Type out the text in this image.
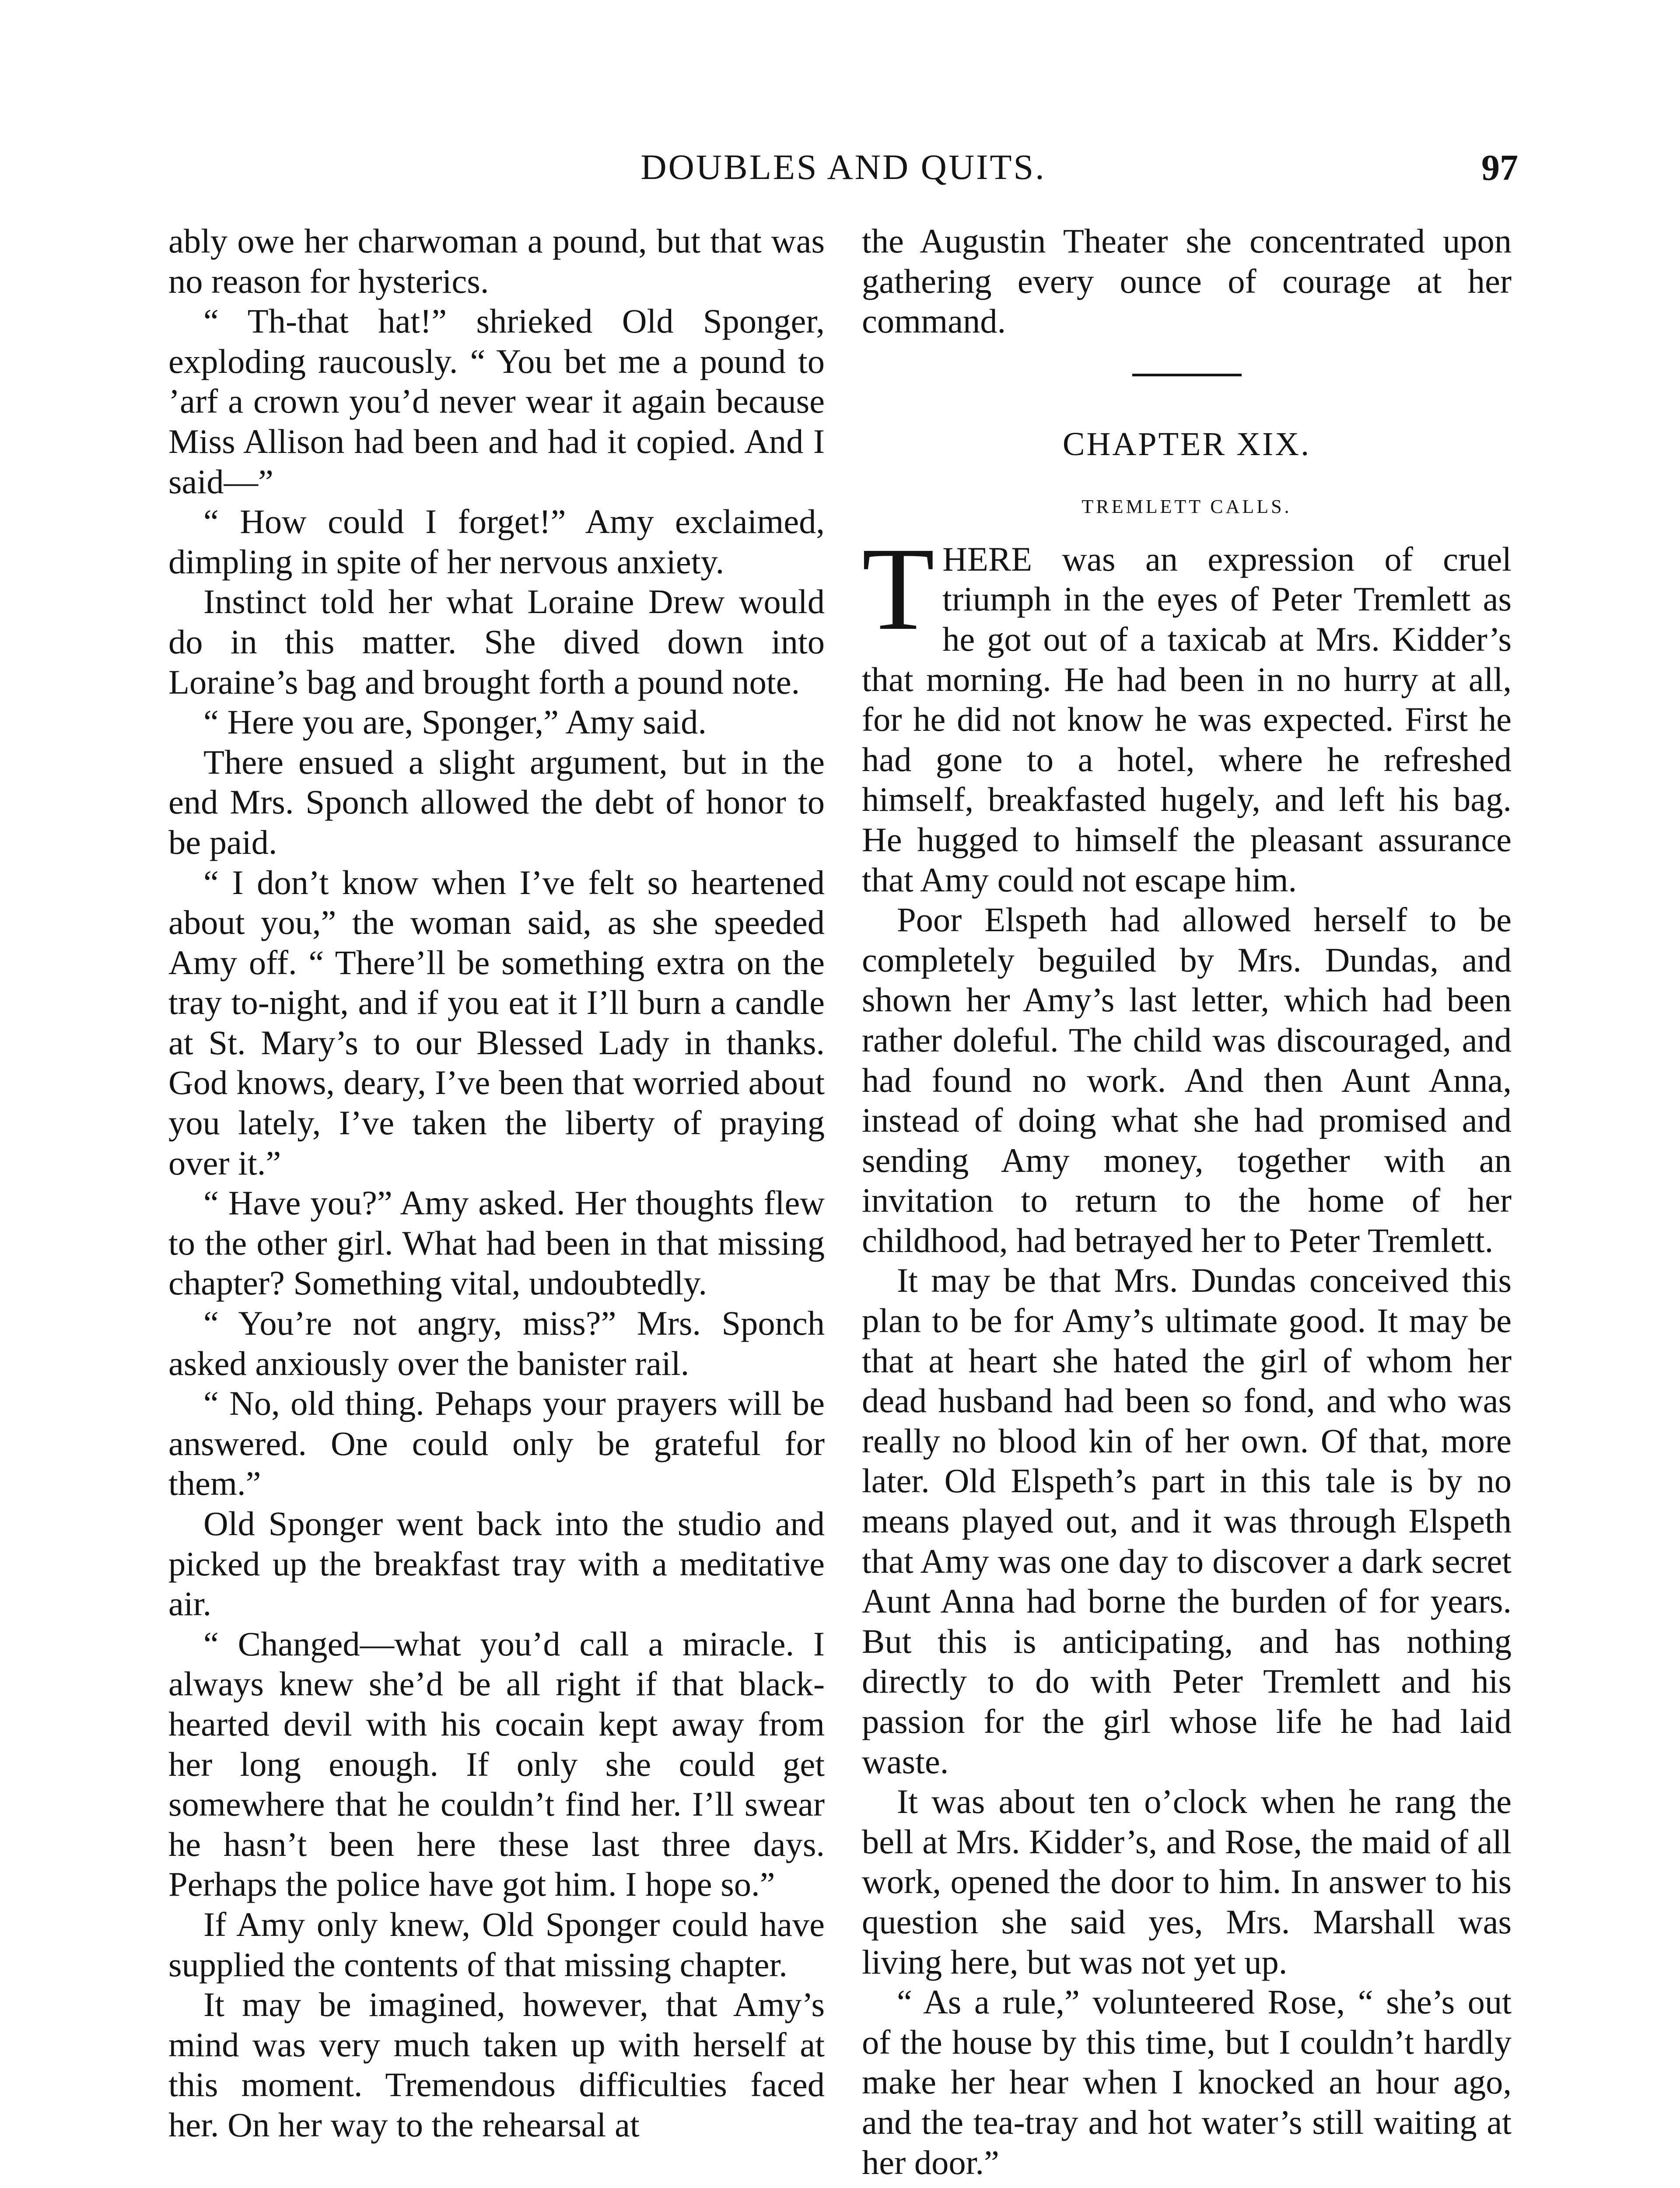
DOUBLES AND QUITS.	97

ably owe her charwoman a pound, but that was no reason for hysterics.

“ Th-that hat!” shrieked Old Sponger, exploding raucously. “ You bet me a pound to ’arf a crown you’d never wear it again because Miss Allison had been and had it copied. And I said—”

“ How could I forget!” Amy exclaimed, dimpling in spite of her nervous anxiety.

Instinct told her what Loraine Drew would do in this matter. She dived down into Loraine’s bag and brought forth a pound note.

“ Here you are, Sponger,” Amy said.

There ensued a slight argument, but in the end Mrs. Sponch allowed the debt of honor to be paid.

“ I don’t know when I’ve felt so heartened about you,” the woman said, as she speeded Amy off. “ There’ll be something extra on the tray to-night, and if you eat it I’ll burn a candle at St. Mary’s to our Blessed Lady in thanks. God knows, deary, I’ve been that worried about you lately, I’ve taken the liberty of praying over it.”

“ Have you?” Amy asked. Her thoughts flew to the other girl. What had been in that missing chapter? Something vital, undoubtedly.

“ You’re not angry, miss?” Mrs. Sponch asked anxiously over the banister rail.

“ No, old thing. Pehaps your prayers will be answered. One could only be grateful for them.”

Old Sponger went back into the studio and picked up the breakfast tray with a meditative air.

“ Changed—what you’d call a miracle. I always knew she’d be all right if that black-hearted devil with his cocain kept away from her long enough. If only she could get somewhere that he couldn’t find her. I’ll swear he hasn’t been here these last three days. Perhaps the police have got him. I hope so.”

If Amy only knew, Old Sponger could have supplied the contents of that missing chapter.

It may be imagined, however, that Amy’s mind was very much taken up with herself at this moment. Tremendous difficulties faced her. On her way to the rehearsal at

the Augustin Theater she concentrated upon gathering every ounce of courage at her command.

CHAPTER XIX.
TREMLETT CALLS.

THERE was an expression of cruel triumph in the eyes of Peter Tremlett as he got out of a taxicab at Mrs. Kidder’s that morning. He had been in no hurry at all, for he did not know he was expected. First he had gone to a hotel, where he refreshed himself, breakfasted hugely, and left his bag. He hugged to himself the pleasant assurance that Amy could not escape him.

Poor Elspeth had allowed herself to be completely beguiled by Mrs. Dundas, and shown her Amy’s last letter, which had been rather doleful. The child was discouraged, and had found no work. And then Aunt Anna, instead of doing what she had promised and sending Amy money, together with an invitation to return to the home of her childhood, had betrayed her to Peter Tremlett.

It may be that Mrs. Dundas conceived this plan to be for Amy’s ultimate good. It may be that at heart she hated the girl of whom her dead husband had been so fond, and who was really no blood kin of her own. Of that, more later. Old Elspeth’s part in this tale is by no means played out, and it was through Elspeth that Amy was one day to discover a dark secret Aunt Anna had borne the burden of for years. But this is anticipating, and has nothing directly to do with Peter Tremlett and his passion for the girl whose life he had laid waste.

It was about ten o’clock when he rang the bell at Mrs. Kidder’s, and Rose, the maid of all work, opened the door to him. In answer to his question she said yes, Mrs. Marshall was living here, but was not yet up.

“ As a rule,” volunteered Rose, “ she’s out of the house by this time, but I couldn’t hardly make her hear when I knocked an hour ago, and the tea-tray and hot water’s still waiting at her door.”
